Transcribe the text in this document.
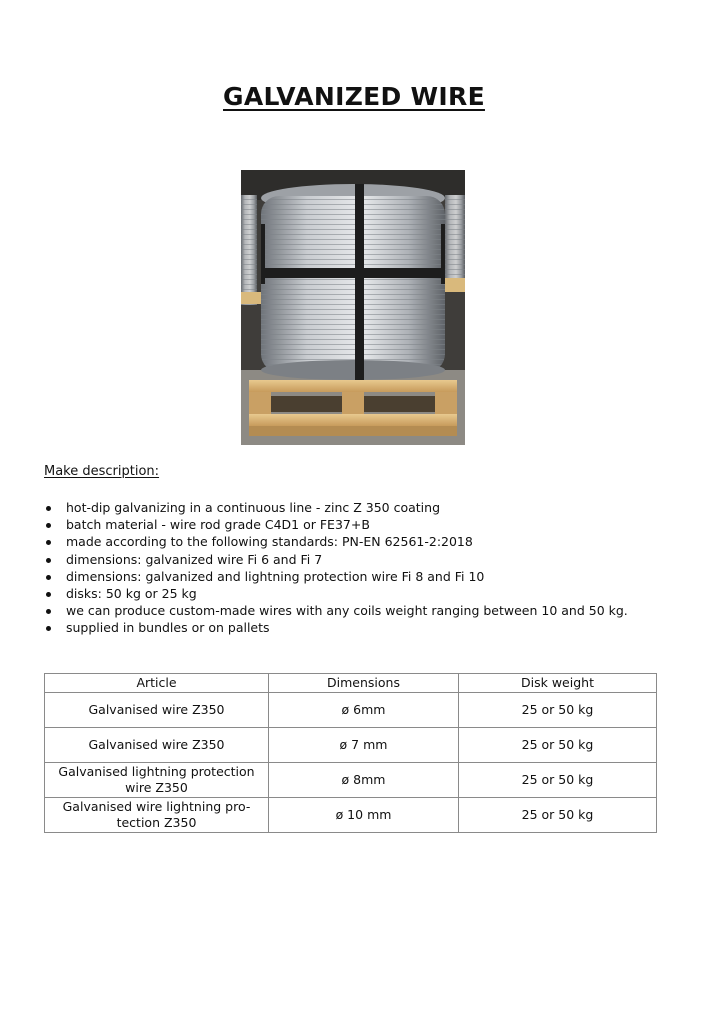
GALVANIZED WIRE

Make description:

hot-dip galvanizing in a continuous line - zinc Z 350 coating
batch material - wire rod grade C4D1 or FE37+B
made according to the following standards: PN-EN 62561-2:2018
dimensions: galvanized wire Fi 6 and Fi 7
dimensions: galvanized and lightning protection wire Fi 8 and Fi 10
disks: 50 kg or 25 kg
we can produce custom-made wires with any coils weight ranging between 10 and 50 kg.
supplied in bundles or on pallets
Article	Dimensions	Disk weight
Galvanised wire Z350	ø 6mm	25 or 50 kg
Galvanised wire Z350	ø 7 mm	25 or 50 kg
Galvanised lightning protection wire Z350	ø 8mm	25 or 50 kg
Galvanised wire lightning pro-tection Z350	ø 10 mm	25 or 50 kg
